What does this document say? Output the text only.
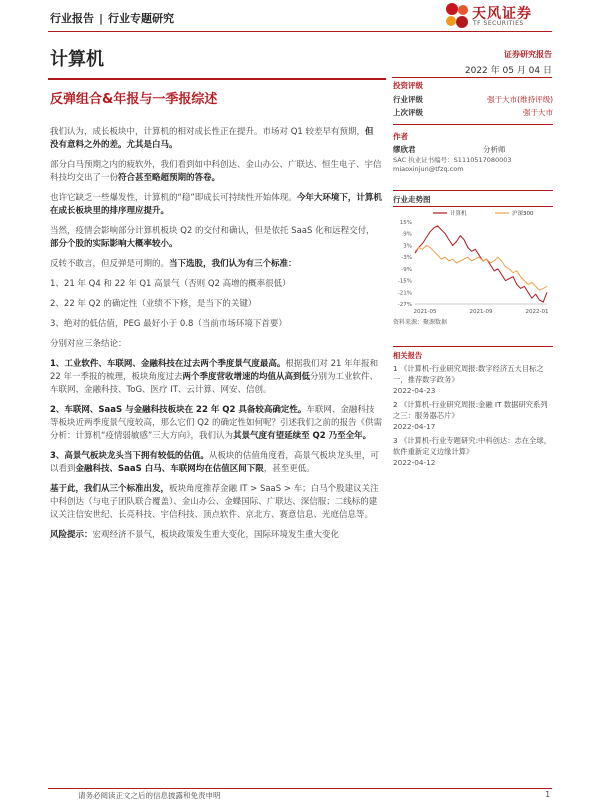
行业报告 | 行业专题研究	天风证券
TF SECURITIES
计算机
反弹组合&年报与一季报综述
证券研究报告
2022 年 05 月 04 日
投资评级
行业评级	强于大市(维持评级)
上次评级	强于大市
作者
缪欣君	分析师
SAC 执业证书编号：S1110517080003
miaoxinjun@tfzq.com
行业走势图
15%
9%
3%
-3%
-9%
-15%
-21%
-27%
2021-05	2021-09	2022-01
计算机	沪深300
资料来源：聚源数据
相关报告
1 《计算机-行业研究周报:数字经济五大目标之一，推荐数字政务》
2022-04-23
2 《计算机-行业研究周报:金融 IT 数据研究系列之三：服务器芯片》
2022-04-17
3 《计算机-行业专题研究:中科创达：志在全球，软件重新定义边缘计算》
2022-04-12

我们认为，成长板块中，计算机的相对成长性正在提升。市场对 Q1 较差早有预期，但没有意料之外的差。尤其是白马。

部分白马预期之内的疲软外，我们看到如中科创达、金山办公、广联达、恒生电子、宇信科技均交出了一份符合甚至略超预期的答卷。

也许它缺乏一些爆发性，计算机的“稳”即成长可持续性开始体现。今年大环境下，计算机在成长板块里的排序理应提升。

当然，疫情会影响部分计算机板块 Q2 的交付和确认，但是依托 SaaS 化和远程交付，部分个股的实际影响大概率较小。

反转不敢言，但反弹是可期的。当下选股，我们认为有三个标准：

1、21 年 Q4 和 22 年 Q1 高景气（否则 Q2 高增的概率很低）

2、22 年 Q2 的确定性（业绩不下修，是当下的关键）

3、绝对的低估值，PEG 最好小于 0.8（当前市场环境下首要）

分别对应三条结论：

1、工业软件、车联网、金融科技在过去两个季度景气度最高。根据我们对 21 年年报和 22 年一季报的梳理，板块角度过去两个季度营收增速的均值从高到低分别为工业软件、车联网、金融科技、ToG、医疗 IT、云计算、网安、信创。

2、车联网、SaaS 与金融科技板块在 22 年 Q2 具备较高确定性。车联网、金融科技等板块近两季度景气度较高，那么它们 Q2 的确定性如何呢？引述我们之前的报告《供需分析：计算机“疫情弱敏感”三大方向》，我们认为其景气度有望延续至 Q2 乃至全年。

3、高景气板块龙头当下拥有较低的估值。从板块的估值角度看，高景气板块龙头里，可以看到金融科技、SaaS 白马、车联网均在估值区间下限，甚至更低。

基于此，我们从三个标准出发，板块角度推荐金融 IT > SaaS > 车；白马个股建议关注中科创达（与电子团队联合覆盖）、金山办公、金蝶国际、广联达、深信服；二线标的建议关注信安世纪、长亮科技、宇信科技、顶点软件、京北方、赛意信息、光庭信息等。

风险提示：宏观经济不景气，板块政策发生重大变化，国际环境发生重大变化

请务必阅读正文之后的信息披露和免责申明	1
